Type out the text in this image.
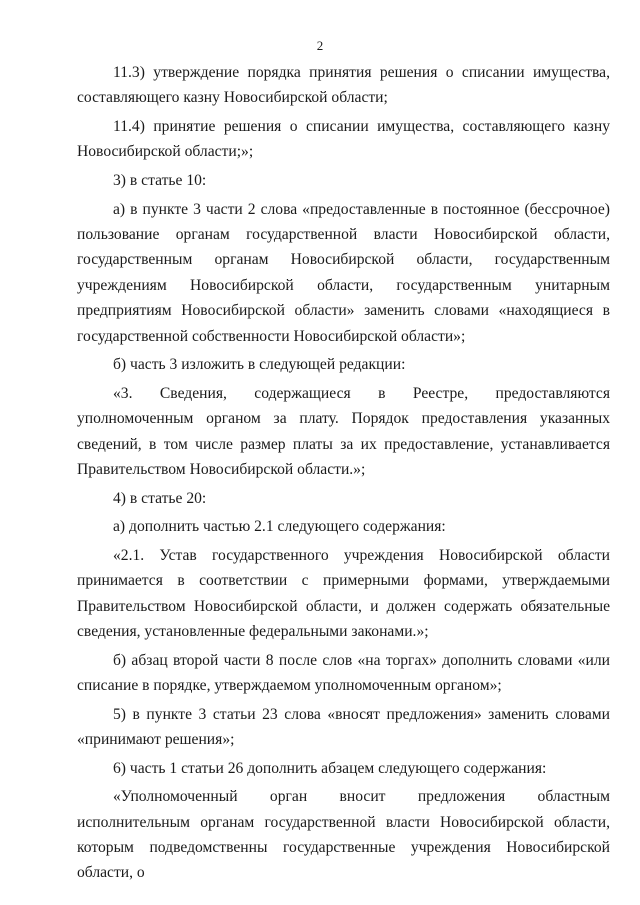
2

11.3) утверждение порядка принятия решения о списании имущества, составляющего казну Новосибирской области;

11.4) принятие решения о списании имущества, составляющего казну Новосибирской области;»;

3) в статье 10:

а) в пункте 3 части 2 слова «предоставленные в постоянное (бессрочное) пользование органам государственной власти Новосибирской области, государственным органам Новосибирской области, государственным учреждениям Новосибирской области, государственным унитарным предприятиям Новосибирской области» заменить словами «находящиеся в государственной собственности Новосибирской области»;

б) часть 3 изложить в следующей редакции:

«3. Сведения, содержащиеся в Реестре, предоставляются уполномоченным органом за плату. Порядок предоставления указанных сведений, в том числе размер платы за их предоставление, устанавливается Правительством Новосибирской области.»;

4) в статье 20:

а) дополнить частью 2.1 следующего содержания:

«2.1. Устав государственного учреждения Новосибирской области принимается в соответствии с примерными формами, утверждаемыми Правительством Новосибирской области, и должен содержать обязательные сведения, установленные федеральными законами.»;

б) абзац второй части 8 после слов «на торгах» дополнить словами «или списание в порядке, утверждаемом уполномоченным органом»;

5) в пункте 3 статьи 23 слова «вносят предложения» заменить словами «принимают решения»;

6) часть 1 статьи 26 дополнить абзацем следующего содержания:

«Уполномоченный орган вносит предложения областным исполнительным органам государственной власти Новосибирской области, которым подведомственны государственные учреждения Новосибирской области, о
